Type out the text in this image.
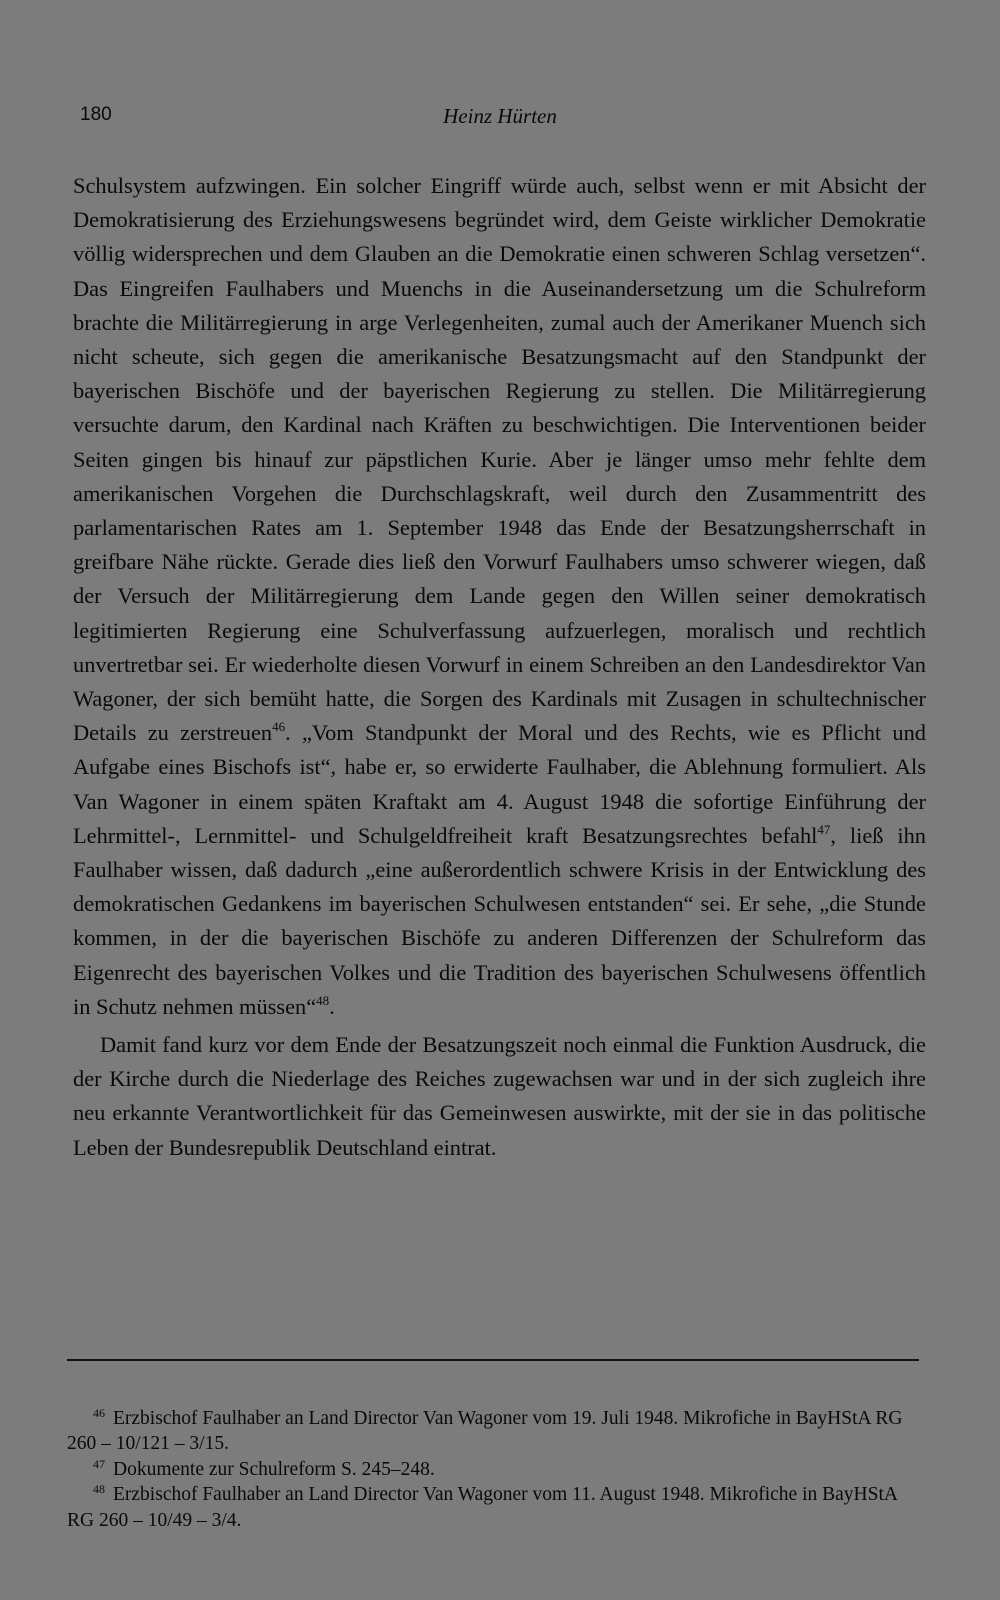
180	Heinz Hürten

Schulsystem aufzwingen. Ein solcher Eingriff würde auch, selbst wenn er mit Absicht der Demokratisierung des Erziehungswesens begründet wird, dem Geiste wirklicher Demokratie völlig widersprechen und dem Glauben an die Demokratie einen schweren Schlag versetzen“. Das Eingreifen Faulhabers und Muenchs in die Auseinandersetzung um die Schulreform brachte die Militärregierung in arge Verlegenheiten, zumal auch der Amerikaner Muench sich nicht scheute, sich gegen die amerikanische Besatzungsmacht auf den Standpunkt der bayerischen Bischöfe und der bayerischen Regierung zu stellen. Die Militärregierung versuchte darum, den Kardinal nach Kräften zu beschwichtigen. Die Interventionen beider Seiten gingen bis hinauf zur päpstlichen Kurie. Aber je länger umso mehr fehlte dem amerikanischen Vorgehen die Durchschlagskraft, weil durch den Zusammentritt des parlamentarischen Rates am 1. September 1948 das Ende der Besatzungsherrschaft in greifbare Nähe rückte. Gerade dies ließ den Vorwurf Faulhabers umso schwerer wiegen, daß der Versuch der Militärregierung dem Lande gegen den Willen seiner demokratisch legitimierten Regierung eine Schulverfassung aufzuerlegen, moralisch und rechtlich unvertretbar sei. Er wiederholte diesen Vorwurf in einem Schreiben an den Landesdirektor Van Wagoner, der sich bemüht hatte, die Sorgen des Kardinals mit Zusagen in schultechnischer Details zu zerstreuen$^{46}$. „Vom Standpunkt der Moral und des Rechts, wie es Pflicht und Aufgabe eines Bischofs ist“, habe er, so erwiderte Faulhaber, die Ablehnung formuliert. Als Van Wagoner in einem späten Kraftakt am 4. August 1948 die sofortige Einführung der Lehrmittel-, Lernmittel- und Schulgeldfreiheit kraft Besatzungsrechtes befahl$^{47}$, ließ ihn Faulhaber wissen, daß dadurch „eine außerordentlich schwere Krisis in der Entwicklung des demokratischen Gedankens im bayerischen Schulwesen entstanden“ sei. Er sehe, „die Stunde kommen, in der die bayerischen Bischöfe zu anderen Differenzen der Schulreform das Eigenrecht des bayerischen Volkes und die Tradition des bayerischen Schulwesens öffentlich in Schutz nehmen müssen“$^{48}$.

Damit fand kurz vor dem Ende der Besatzungszeit noch einmal die Funktion Ausdruck, die der Kirche durch die Niederlage des Reiches zugewachsen war und in der sich zugleich ihre neu erkannte Verantwortlichkeit für das Gemeinwesen auswirkte, mit der sie in das politische Leben der Bundesrepublik Deutschland eintrat.

$^{46}$ Erzbischof Faulhaber an Land Director Van Wagoner vom 19. Juli 1948. Mikrofiche in BayHStA RG 260 – 10/121 – 3/15.

$^{47}$ Dokumente zur Schulreform S. 245–248.

$^{48}$ Erzbischof Faulhaber an Land Director Van Wagoner vom 11. August 1948. Mikrofiche in BayHStA RG 260 – 10/49 – 3/4.
